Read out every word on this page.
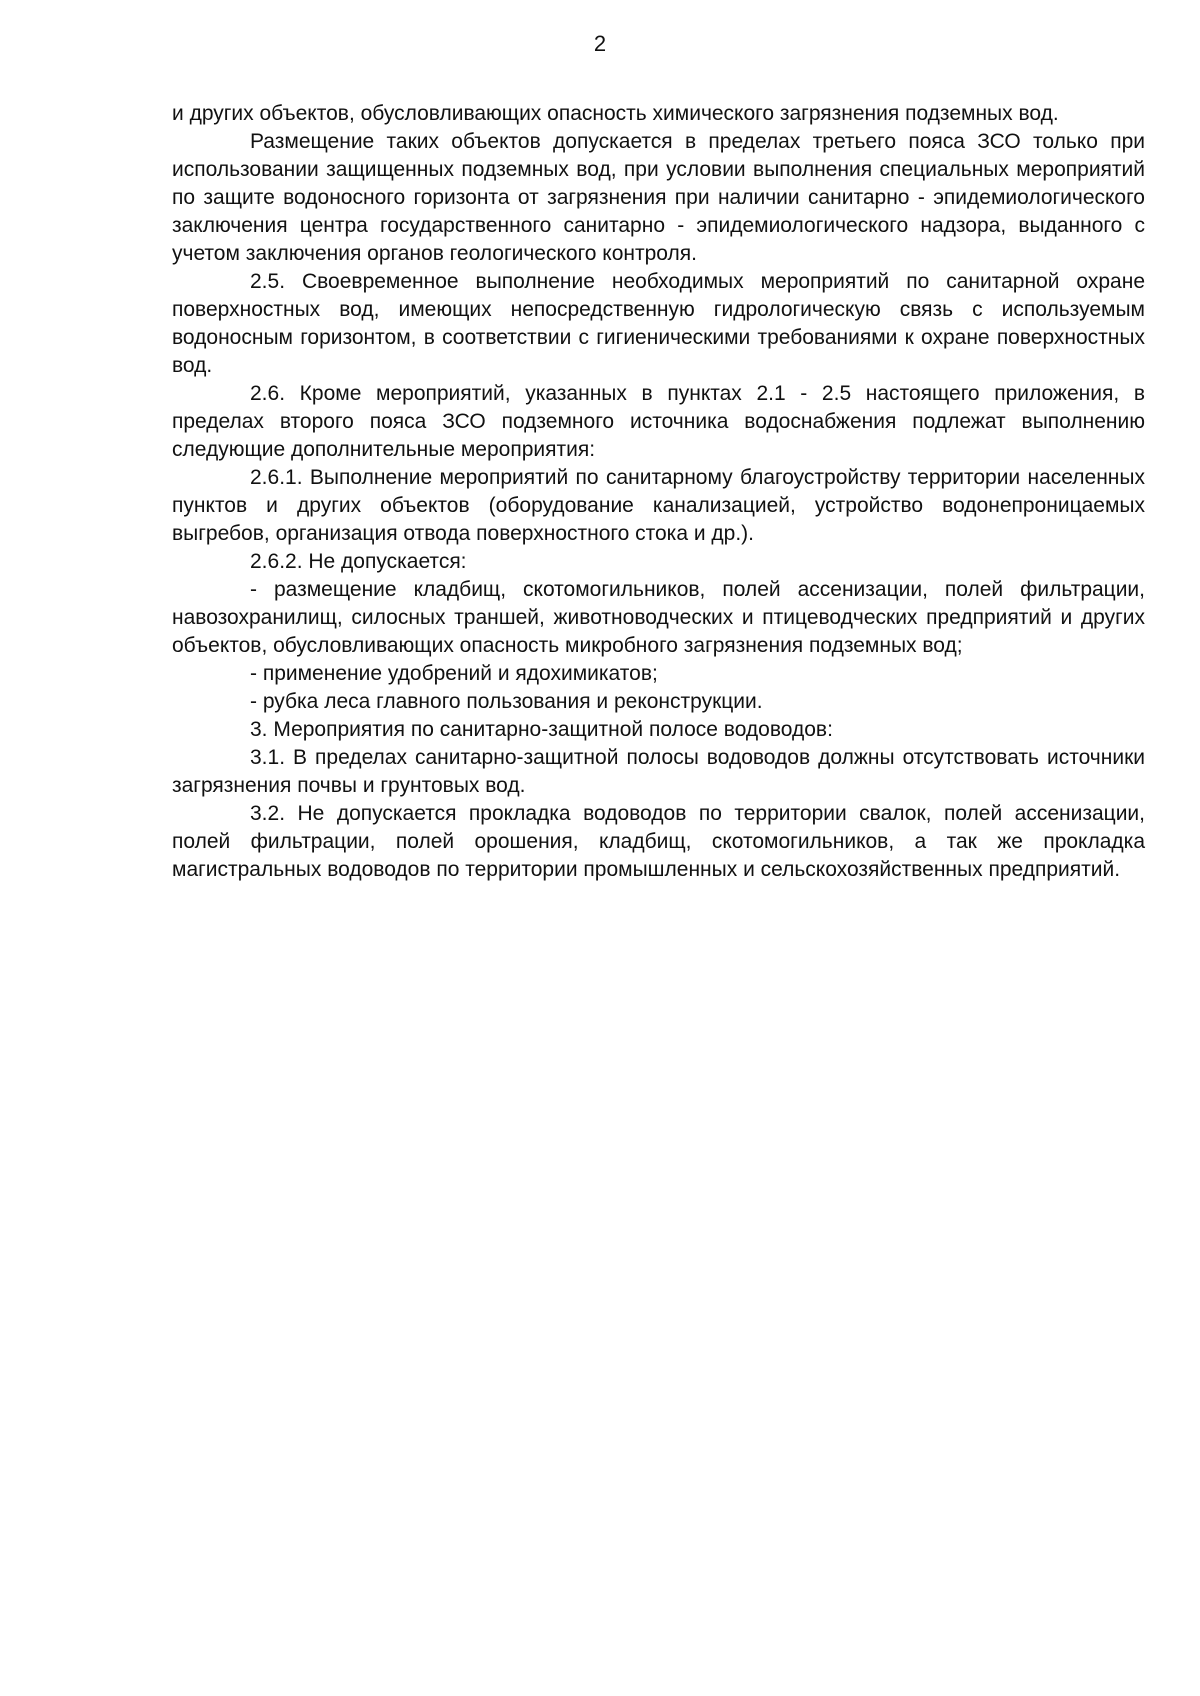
2

и других объектов, обусловливающих опасность химического загрязнения подземных вод.

Размещение таких объектов допускается в пределах третьего пояса ЗСО только при использовании защищенных подземных вод, при условии выполнения специальных мероприятий по защите водоносного горизонта от загрязнения при наличии санитарно - эпидемиологического заключения центра государственного санитарно - эпидемиологического надзора, выданного с учетом заключения органов геологического контроля.

2.5. Своевременное выполнение необходимых мероприятий по санитарной охране поверхностных вод, имеющих непосредственную гидрологическую связь с используемым водоносным горизонтом, в соответствии с гигиеническими требованиями к охране поверхностных вод.

2.6. Кроме мероприятий, указанных в пунктах 2.1 - 2.5 настоящего приложения, в пределах второго пояса ЗСО подземного источника водоснабжения подлежат выполнению следующие дополнительные мероприятия:

2.6.1. Выполнение мероприятий по санитарному благоустройству территории населенных пунктов и других объектов (оборудование канализацией, устройство водонепроницаемых выгребов, организация отвода поверхностного стока и др.).

2.6.2. Не допускается:

- размещение кладбищ, скотомогильников, полей ассенизации, полей фильтрации, навозохранилищ, силосных траншей, животноводческих и птицеводческих предприятий и других объектов, обусловливающих опасность микробного загрязнения подземных вод;

- применение удобрений и ядохимикатов;

- рубка леса главного пользования и реконструкции.

3. Мероприятия по санитарно-защитной полосе водоводов:

3.1. В пределах санитарно-защитной полосы водоводов должны отсутствовать источники загрязнения почвы и грунтовых вод.

3.2. Не допускается прокладка водоводов по территории свалок, полей ассенизации, полей фильтрации, полей орошения, кладбищ, скотомогильников, а так же прокладка магистральных водоводов по территории промышленных и сельскохозяйственных предприятий.
